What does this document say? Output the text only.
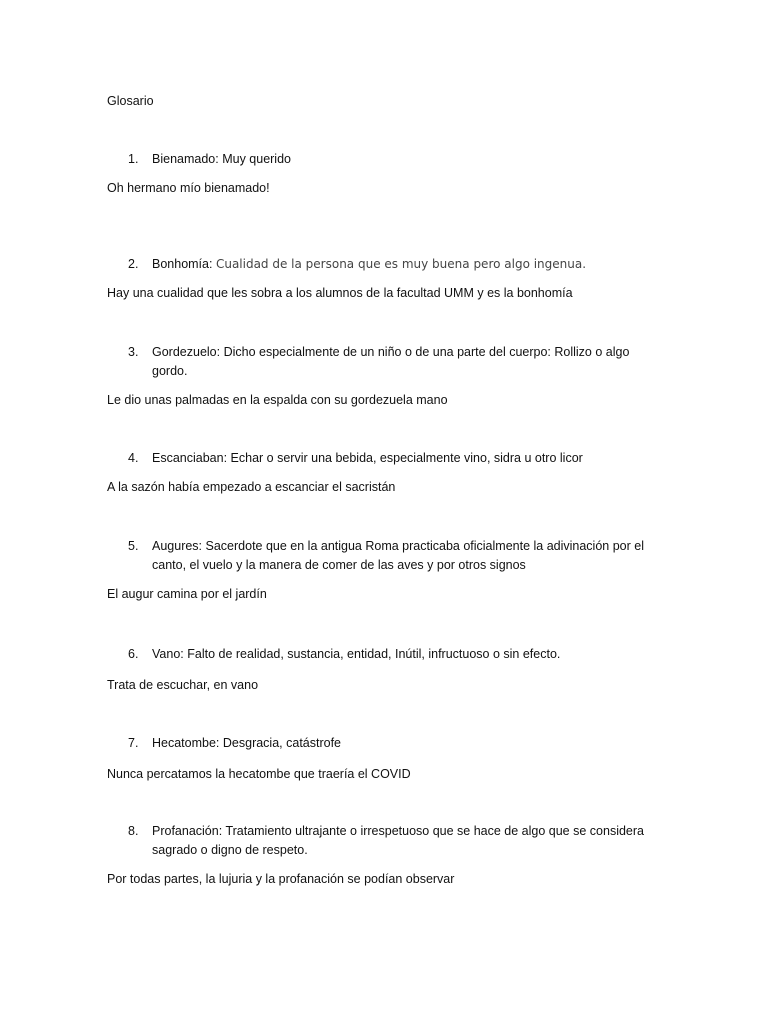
Glosario
1. Bienamado: Muy querido
Oh hermano mío bienamado!
2. Bonhomía: Cualidad de la persona que es muy buena pero algo ingenua.
Hay una cualidad que les sobra a los alumnos de la facultad UMM y es la bonhomía
3. Gordezuelo: Dicho especialmente de un niño o de una parte del cuerpo: Rollizo o algo gordo.
Le dio unas palmadas en la espalda con su gordezuela mano
4. Escanciaban: Echar o servir una bebida, especialmente vino, sidra u otro licor
A la sazón había empezado a escanciar el sacristán
5. Augures: Sacerdote que en la antigua Roma practicaba oficialmente la adivinación por el canto, el vuelo y la manera de comer de las aves y por otros signos
El augur camina por el jardín
6. Vano: Falto de realidad, sustancia, entidad, Inútil, infructuoso o sin efecto.
Trata de escuchar, en vano
7. Hecatombe: Desgracia, catástrofe
Nunca percatamos la hecatombe que traería el COVID
8. Profanación: Tratamiento ultrajante o irrespetuoso que se hace de algo que se considera sagrado o digno de respeto.
Por todas partes, la lujuria y la profanación se podían observar
